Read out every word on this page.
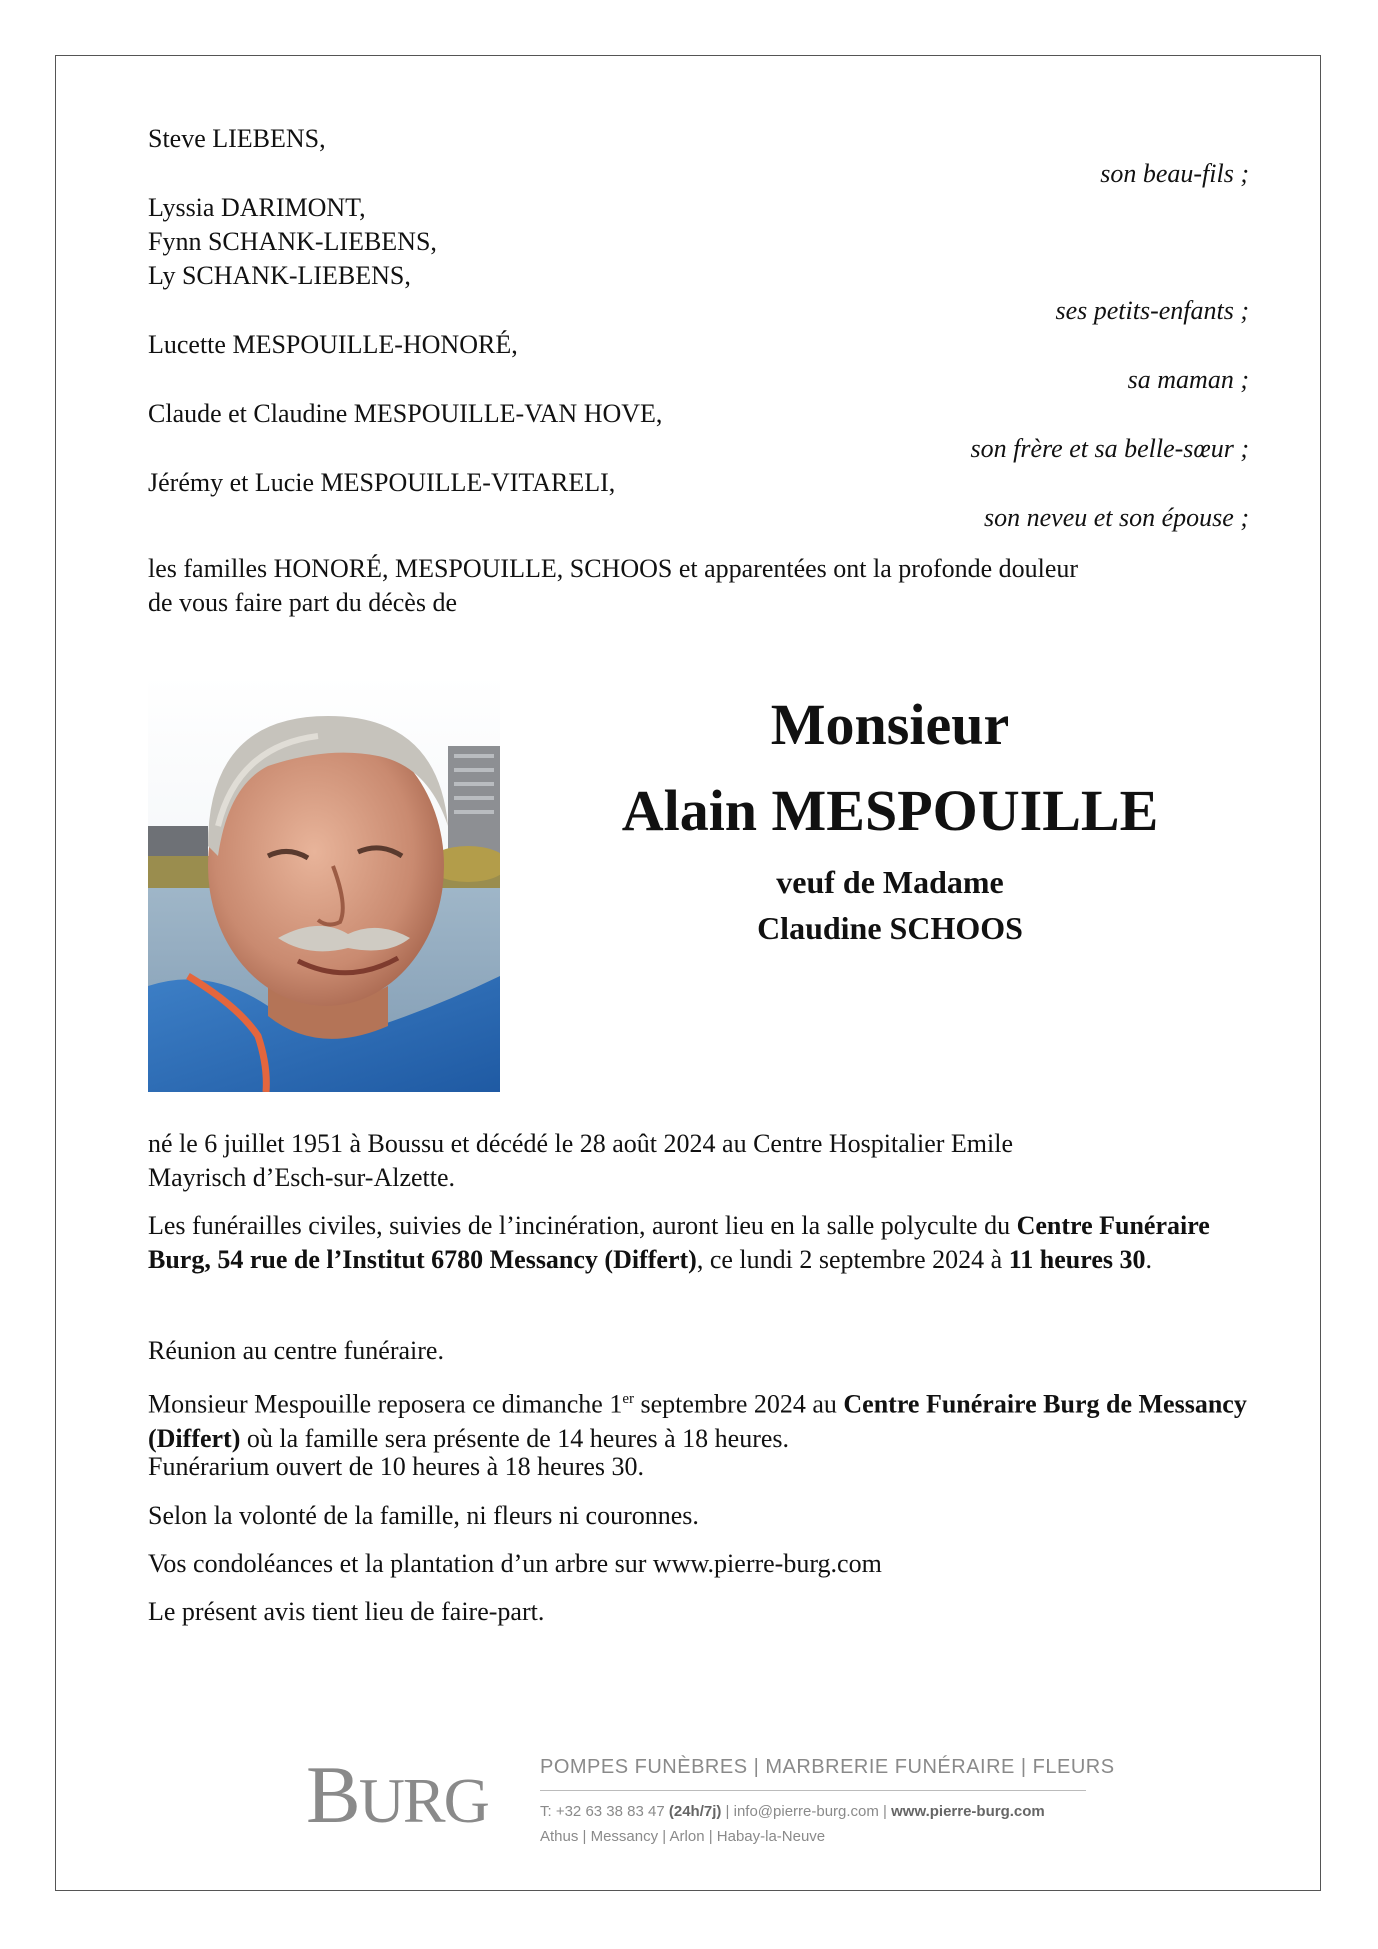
Steve LIEBENS,
son beau-fils ;
Lyssia DARIMONT,
Fynn SCHANK-LIEBENS,
Ly SCHANK-LIEBENS,
ses petits-enfants ;
Lucette MESPOUILLE-HONORÉ,
sa maman ;
Claude et Claudine MESPOUILLE-VAN HOVE,
son frère et sa belle-sœur ;
Jérémy et Lucie MESPOUILLE-VITARELI,
son neveu et son épouse ;
les familles HONORÉ, MESPOUILLE, SCHOOS et apparentées ont la profonde douleur
de vous faire part du décès de
Monsieur
Alain MESPOUILLE
veuf de Madame
Claudine SCHOOS
né le 6 juillet 1951 à Boussu et décédé le 28 août 2024 au Centre Hospitalier Emile
Mayrisch d’Esch-sur-Alzette.
Les funérailles civiles, suivies de l’incinération, auront lieu en la salle polyculte du Centre Funéraire Burg, 54 rue de l’Institut 6780 Messancy (Differt), ce lundi 2 septembre 2024 à 11 heures 30.
Réunion au centre funéraire.
Monsieur Mespouille reposera ce dimanche 1er septembre 2024 au Centre Funéraire Burg de Messancy (Differt) où la famille sera présente de 14 heures à 18 heures.
Funérarium ouvert de 10 heures à 18 heures 30.
Selon la volonté de la famille, ni fleurs ni couronnes.
Vos condoléances et la plantation d’un arbre sur www.pierre-burg.com
Le présent avis tient lieu de faire-part.
BURG	POMPES FUNÈBRES | MARBRERIE FUNÉRAIRE | FLEURS
T: +32 63 38 83 47 (24h/7j) | info@pierre-burg.com | www.pierre-burg.com
Athus | Messancy | Arlon | Habay-la-Neuve
